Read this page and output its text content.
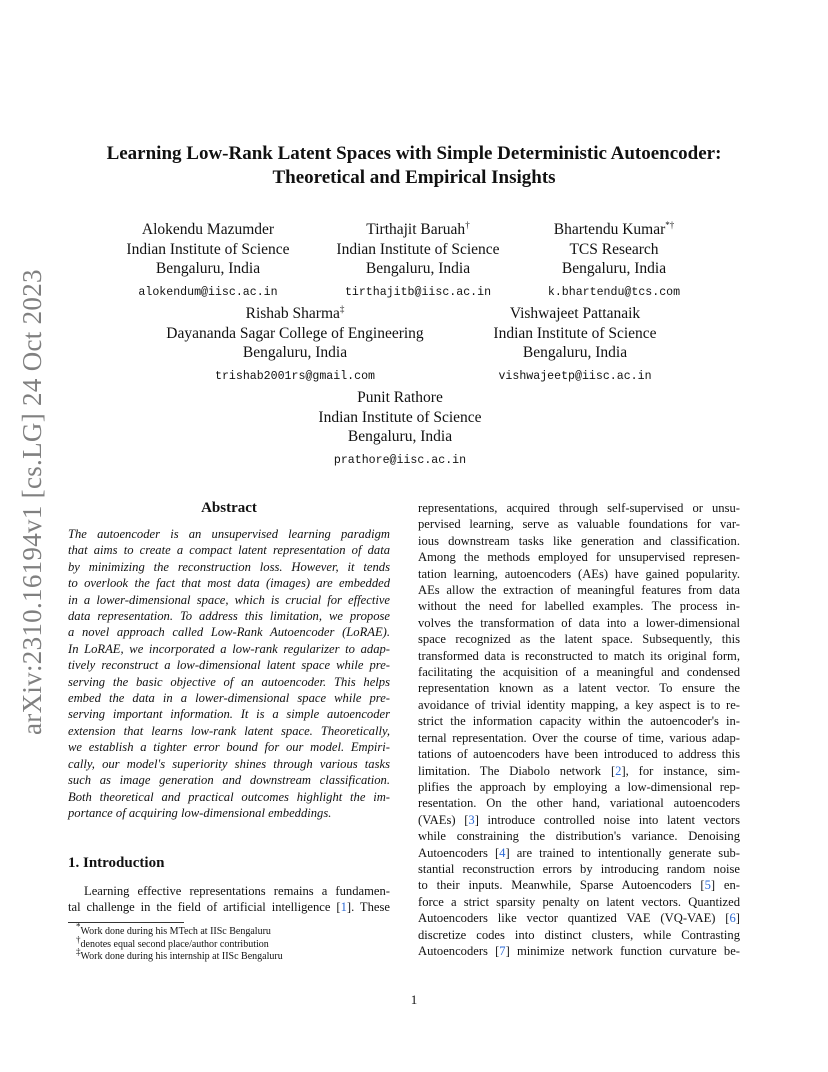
arXiv:2310.16194v1 [cs.LG] 24 Oct 2023
Learning Low-Rank Latent Spaces with Simple Deterministic Autoencoder:
Theoretical and Empirical Insights
Alokendu Mazumder
Indian Institute of Science
Bengaluru, India
alokendum@iisc.ac.in
Tirthajit Baruah†
Indian Institute of Science
Bengaluru, India
tirthajitb@iisc.ac.in
Bhartendu Kumar*†
TCS Research
Bengaluru, India
k.bhartendu@tcs.com
Rishab Sharma‡
Dayananda Sagar College of Engineering
Bengaluru, India
trishab2001rs@gmail.com
Vishwajeet Pattanaik
Indian Institute of Science
Bengaluru, India
vishwajeetp@iisc.ac.in
Punit Rathore
Indian Institute of Science
Bengaluru, India
prathore@iisc.ac.in
Abstract
The autoencoder is an unsupervised learning paradigm
that aims to create a compact latent representation of data
by minimizing the reconstruction loss. However, it tends
to overlook the fact that most data (images) are embedded
in a lower-dimensional space, which is crucial for effective
data representation. To address this limitation, we propose
a novel approach called Low-Rank Autoencoder (LoRAE).
In LoRAE, we incorporated a low-rank regularizer to adap-
tively reconstruct a low-dimensional latent space while pre-
serving the basic objective of an autoencoder. This helps
embed the data in a lower-dimensional space while pre-
serving important information. It is a simple autoencoder
extension that learns low-rank latent space. Theoretically,
we establish a tighter error bound for our model. Empiri-
cally, our model's superiority shines through various tasks
such as image generation and downstream classification.
Both theoretical and practical outcomes highlight the im-
portance of acquiring low-dimensional embeddings.
1. Introduction
Learning effective representations remains a fundamen-
tal challenge in the field of artificial intelligence [1]. These
*Work done during his MTech at IISc Bengaluru
†denotes equal second place/author contribution
‡Work done during his internship at IISc Bengaluru
representations, acquired through self-supervised or unsu-
pervised learning, serve as valuable foundations for var-
ious downstream tasks like generation and classification.
Among the methods employed for unsupervised represen-
tation learning, autoencoders (AEs) have gained popularity.
AEs allow the extraction of meaningful features from data
without the need for labelled examples. The process in-
volves the transformation of data into a lower-dimensional
space recognized as the latent space. Subsequently, this
transformed data is reconstructed to match its original form,
facilitating the acquisition of a meaningful and condensed
representation known as a latent vector. To ensure the
avoidance of trivial identity mapping, a key aspect is to re-
strict the information capacity within the autoencoder's in-
ternal representation. Over the course of time, various adap-
tations of autoencoders have been introduced to address this
limitation. The Diabolo network [2], for instance, sim-
plifies the approach by employing a low-dimensional rep-
resentation. On the other hand, variational autoencoders
(VAEs) [3] introduce controlled noise into latent vectors
while constraining the distribution's variance. Denoising
Autoencoders [4] are trained to intentionally generate sub-
stantial reconstruction errors by introducing random noise
to their inputs. Meanwhile, Sparse Autoencoders [5] en-
force a strict sparsity penalty on latent vectors. Quantized
Autoencoders like vector quantized VAE (VQ-VAE) [6]
discretize codes into distinct clusters, while Contrasting
Autoencoders [7] minimize network function curvature be-
1
